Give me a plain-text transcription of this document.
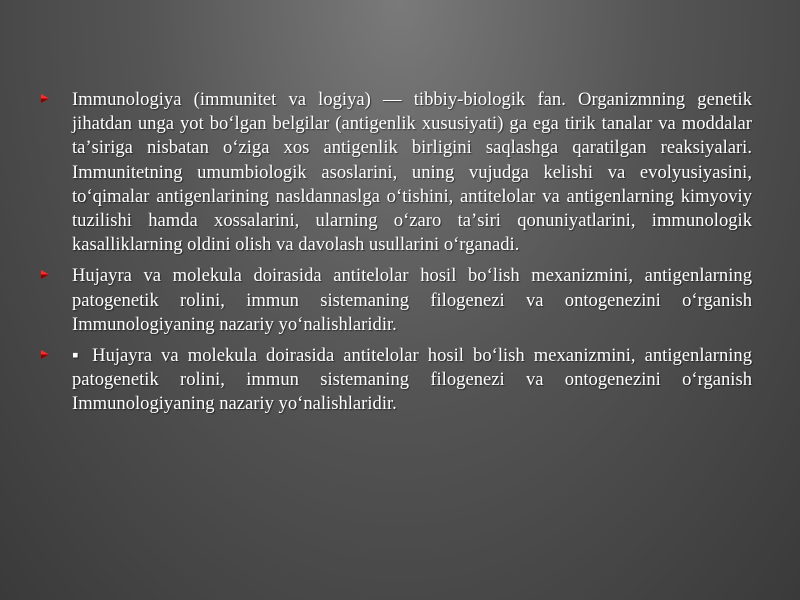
Immunologiya (immunitet va logiya) — tibbiy-biologik fan. Organizmning genetik jihatdan unga yot boʻlgan belgilar (antigenlik xususiyati) ga ega tirik tanalar va moddalar taʼsiriga nisbatan oʻziga xos antigenlik birligini saqlashga qaratilgan reaksiyalari. Immunitetning umumbiologik asoslarini, uning vujudga kelishi va evolyusiyasini, toʻqimalar antigenlarining nasldannaslga oʻtishini, antitelolar va antigenlarning kimyoviy tuzilishi hamda xossalarini, ularning oʻzaro taʼsiri qonuniyatlarini, immunologik kasalliklarning oldini olish va davolash usullarini oʻrganadi.
Hujayra va molekula doirasida antitelolar hosil boʻlish mexanizmini, antigenlarning patogenetik rolini, immun sistemaning filogenezi va ontogenezini oʻrganish Immunologiyaning nazariy yoʻnalishlaridir.
▪ Hujayra va molekula doirasida antitelolar hosil boʻlish mexanizmini, antigenlarning patogenetik rolini, immun sistemaning filogenezi va ontogenezini oʻrganish Immunologiyaning nazariy yoʻnalishlaridir.
